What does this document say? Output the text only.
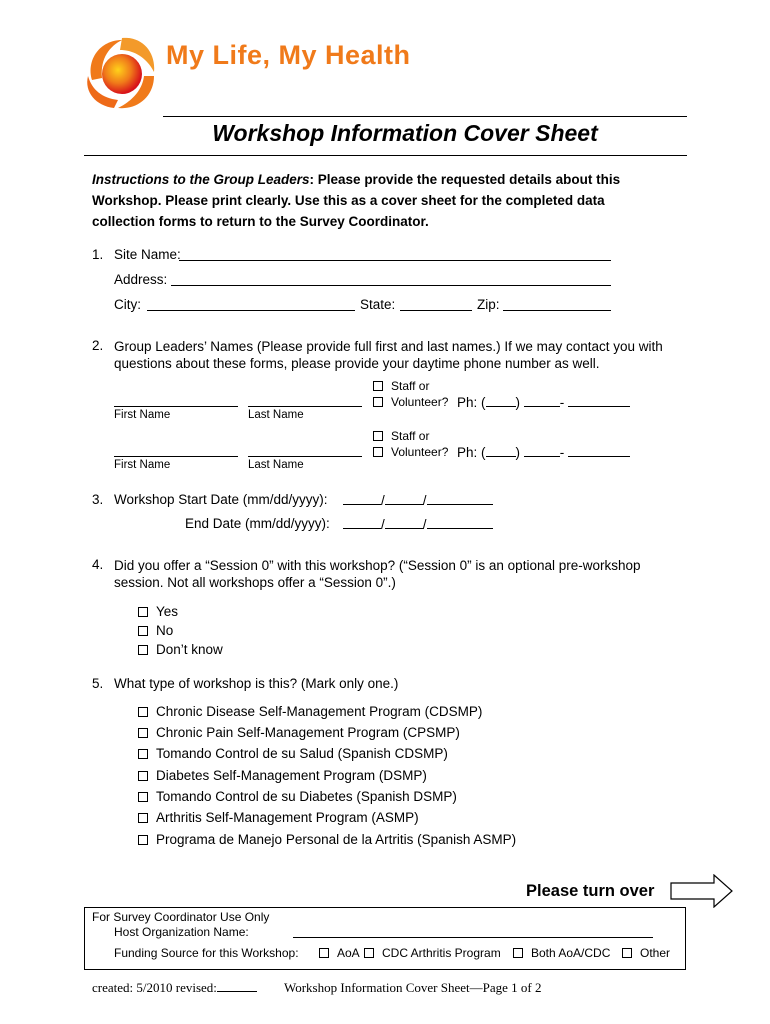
My Life, My Health
Workshop Information Cover Sheet
Instructions to the Group Leaders: Please provide the requested details about this Workshop. Please print clearly. Use this as a cover sheet for the completed data collection forms to return to the Survey Coordinator.
1. Site Name:
Address:
City:	State:	Zip:
2. Group Leaders’ Names (Please provide full first and last names.) If we may contact you with questions about these forms, please provide your daytime phone number as well.
Staff or
Volunteer? Ph: ( )	-
First Name	Last Name
Staff or
Volunteer? Ph: ( )	-
First Name	Last Name
3. Workshop Start Date (mm/dd/yyyy):	/	/
End Date (mm/dd/yyyy):	/	/
4. Did you offer a “Session 0” with this workshop? (“Session 0” is an optional pre-workshop session. Not all workshops offer a “Session 0”.)
Yes
No
Don’t know
5. What type of workshop is this? (Mark only one.)
Chronic Disease Self-Management Program (CDSMP)
Chronic Pain Self-Management Program (CPSMP)
Tomando Control de su Salud (Spanish CDSMP)
Diabetes Self-Management Program (DSMP)
Tomando Control de su Diabetes (Spanish DSMP)
Arthritis Self-Management Program (ASMP)
Programa de Manejo Personal de la Artritis (Spanish ASMP)
Please turn over
For Survey Coordinator Use Only
Host Organization Name:
Funding Source for this Workshop:	AoA	CDC Arthritis Program	Both AoA/CDC	Other
created: 5/2010 revised:	Workshop Information Cover Sheet—Page 1 of 2
